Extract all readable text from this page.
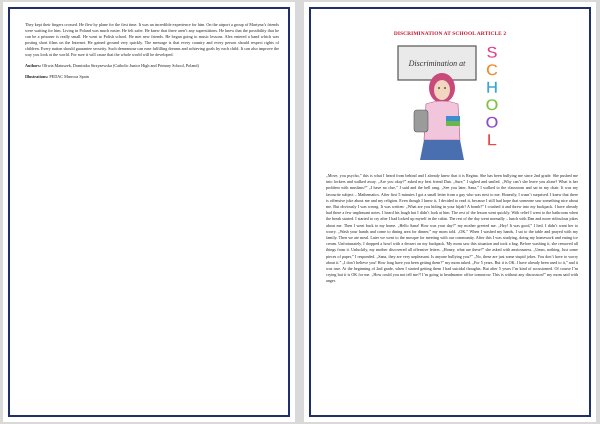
They kept their fingers crossed. He flew by plane for the first time. It was an incredible experience for him. On the airport a group of Martyna’s friends were waiting for him. Living in Poland was much easier. He felt safer. He knew that there aren’t any superstitions. He knew that the possibility that he can be a prisoner is really small. He went to Polish school. He met new friends. He began going to music lessons. Alex entered a band which was posting short films on the Internet. He gained ground very quickly. The message is that every country and every person should respect rights of children. Every nation should guarantee security. Such demeanour can ease fulfilling dreams and achieving goals by each child. It can also improve the way you look at the world. For sure it will cause that the whole world will be developed.

Authors: Oliwia Matuszek, Dominika Strzyzewska (Catholic Junior High and Primary School, Poland)

Illustrations: PEDAC Marroca Spain

DISCRIMINATION AT SCHOOL ARTICLE 2
Discrimination at
S
C
H
O
O
L
„Move, you psycho,” this is what I heard from behind and I already knew that it is Regina. She has been bullying me since 2nd grade. She pushed me into lockers and walked away. „Are you okay?” asked my best friend Dan. „Sure,” I sighed and smiled. „Why can’t she leave you alone? What is her problem with muslims?” „I have no clue,” I said and the bell rang. „See you later, Sana.” I walked to the classroom and sat in my chair. It was my favourite subject – Mathematics. After first 5 minutes I got a small letter from a guy who was next to me. Honestly, I wasn’t surprised. I knew that there is offensive joke about me and my religion. Even though I knew it, I decided to read it, because I still had hope that someone saw something nice about me. But obviously I was wrong. It was written: „What are you hiding in your hijab? A bomb?” I crushed it and threw into my backpack. I have already had there a few unpleasant notes. I heard his laugh but I didn’t look at him. The rest of the lesson went quickly. With relief I went to the bathroom when the break started. I started to cry after I had locked up myself in the cabin. The rest of the day went normally – lunch with Dan and more ridiculous jokes about me. Then I went back to my home. „Hello Sana! How was your day?” my mother greeted me. „Hey! It was good,” I lied. I didn’t want her to worry. „Wash your hands and come to dining area for dinner,” my mom told. „OK.” When I washed my hands, I sat to the table and prayed with my family. Then we ate meal. Later we went to the mosque for meeting with our community. After this I was studying, doing my homework and eating ice cream. Unfortunately, I dropped a bowl with a dessert on my backpack. My mom saw this situation and took a bag. Before washing it, she removed all things from it. Unluckily, my mother discovered all offensive letters. „Honey, what are these?” she asked with anxiousness. „Umm, nothing. Just some pieces of paper,” I responded. „Sana, they are very unpleasant. Is anyone bullying you?” „No, these are just some stupid jokes. You don’t have to worry about it.” „I don’t believe you! How long have you been getting them?” my mom asked. „For 5 years. But it is OK. I have already been used to it,” and it was true. At the beginning of 2nd grade, when I started getting them I had suicidal thoughts. But after 5 years I’m kind of accustomed. Of course I’m crying but it is OK for me. „How could you not tell me?! I’m going to headmaster office tomorrow. This is without any discussion!” my mom said with anger.
